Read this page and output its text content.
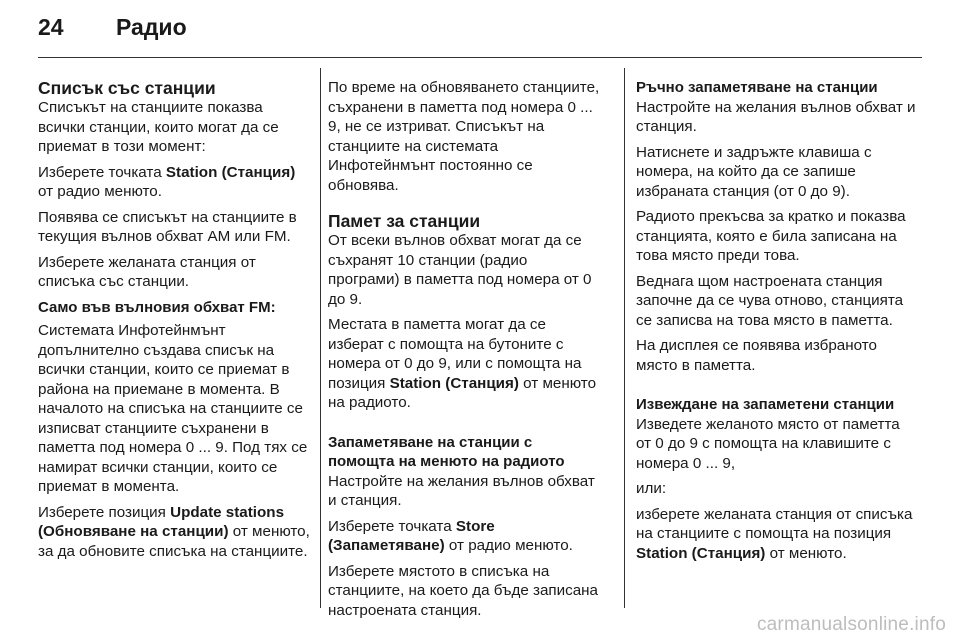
24	Радио
Списък със станции

Списъкът на станциите показва всички станции, които могат да се приемат в този момент:

Изберете точката Station (Станция) от радио менюто.

Появява се списъкът на станциите в текущия вълнов обхват AM или FM.

Изберете желаната станция от списъка със станции.

Само във вълновия обхват FM:

Системата Инфотейнмънт допълнително създава списък на всички станции, които се приемат в района на приемане в момента. В началото на списъка на станциите се изписват станциите съхранени в паметта под номера 0 ... 9. Под тях се намират всички станции, които се приемат в момента.

Изберете позиция Update stations (Обновяване на станции) от менюто, за да обновите списъка на станциите.

По време на обновяването станциите, съхранени в паметта под номера 0 ... 9, не се изтриват. Списъкът на станциите на системата Инфотейнмънт постоянно се обновява.

Памет за станции

От всеки вълнов обхват могат да се съхранят 10 станции (радио програми) в паметта под номера от 0 до 9.

Местата в паметта могат да се изберат с помощта на бутоните с номера от 0 до 9, или с помощта на позиция Station (Станция) от менюто на радиото.

Запаметяване на станции с помощта на менюто на радиото

Настройте на желания вълнов обхват и станция.

Изберете точката Store (Запаметяване) от радио менюто.

Изберете мястото в списъка на станциите, на което да бъде записана настроената станция.

Ръчно запаметяване на станции

Настройте на желания вълнов обхват и станция.

Натиснете и задръжте клавиша с номера, на който да се запише избраната станция (от 0 до 9).

Радиото прекъсва за кратко и показва станцията, която е била записана на това място преди това.

Веднага щом настроената станция започне да се чува отново, станцията се записва на това място в паметта.

На дисплея се появява избраното място в паметта.

Извеждане на запаметени станции

Изведете желаното място от паметта от 0 до 9 с помощта на клавишите с номера 0 ... 9,

или:

изберете желаната станция от списъка на станциите с помощта на позиция Station (Станция) от менюто.

carmanualsonline.info
